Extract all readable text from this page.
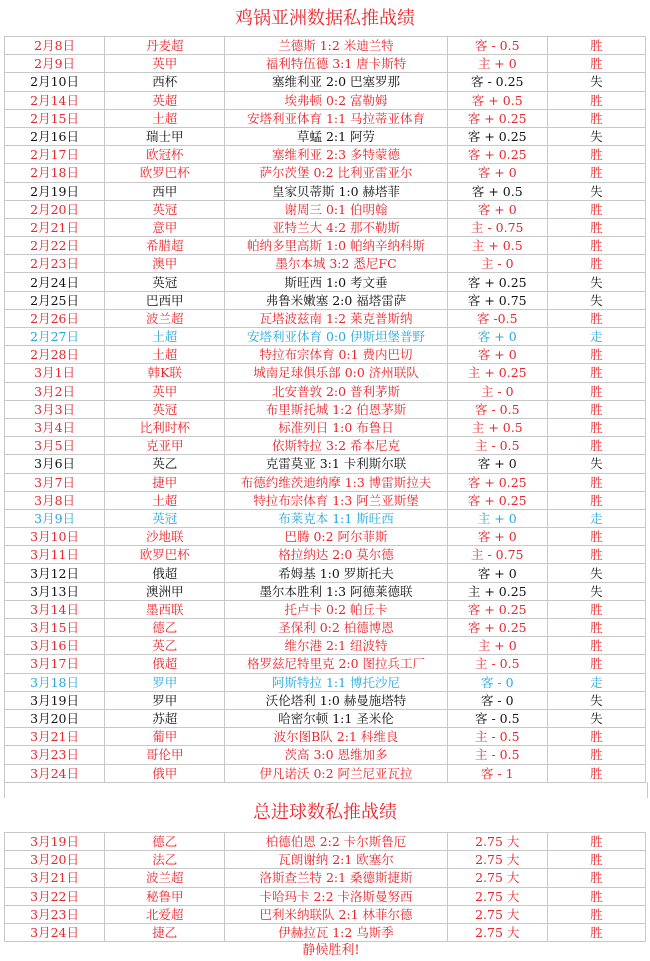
鸡锅亚洲数据私推战绩
2月8日	丹麦超	兰德斯 1:2 米迪兰特	客 - 0.5	胜
2月9日	英甲	福利特伍德 3:1 唐卡斯特	主 + 0	胜
2月10日	西杯	塞维利亚 2:0 巴塞罗那	客 - 0.25	失
2月14日	英超	埃弗顿 0:2 富勒姆	客 + 0.5	胜
2月15日	土超	安塔利亚体育 1:1 马拉蒂亚体育	客 + 0.25	胜
2月16日	瑞士甲	草蜢 2:1 阿劳	客 + 0.25	失
2月17日	欧冠杯	塞维利亚 2:3 多特蒙德	客 + 0.25	胜
2月18日	欧罗巴杯	萨尔茨堡 0:2 比利亚雷亚尔	客 + 0	胜
2月19日	西甲	皇家贝蒂斯 1:0 赫塔菲	客 + 0.5	失
2月20日	英冠	谢周三 0:1 伯明翰	客 + 0	胜
2月21日	意甲	亚特兰大 4:2 那不勒斯	主 - 0.75	胜
2月22日	希腊超	帕纳多里高斯 1:0 帕纳辛纳科斯	主 + 0.5	胜
2月23日	澳甲	墨尔本城 3:2 悉尼FC	主 - 0	胜
2月24日	英冠	斯旺西 1:0 考文垂	客 + 0.25	失
2月25日	巴西甲	弗鲁米嫩塞 2:0 福塔雷萨	客 + 0.75	失
2月26日	波兰超	瓦塔波兹南 1:2 莱克普斯纳	客 -0.5	胜
2月27日	土超	安塔利亚体育 0:0 伊斯坦堡普野	客 + 0	走
2月28日	土超	特拉布宗体育 0:1 费内巴切	客 + 0	胜
3月1日	韩K联	城南足球俱乐部 0:0 济州联队	主 + 0.25	胜
3月2日	英甲	北安普敦 2:0 普利茅斯	主 - 0	胜
3月3日	英冠	布里斯托城 1:2 伯恩茅斯	客 - 0.5	胜
3月4日	比利时杯	标准列日 1:0 布鲁日	主 + 0.5	胜
3月5日	克亚甲	依斯特拉 3:2 希本尼克	主 - 0.5	胜
3月6日	英乙	克雷莫亚 3:1 卡利斯尔联	客 + 0	失
3月7日	捷甲	布德约维茨迪纳摩 1:3 博雷斯拉夫	客 + 0.25	胜
3月8日	土超	特拉布宗体育 1:3 阿兰亚斯堡	客 + 0.25	胜
3月9日	英冠	布莱克本 1:1 斯旺西	主 + 0	走
3月10日	沙地联	巴腾 0:2 阿尔菲斯	客 + 0	胜
3月11日	欧罗巴杯	格拉纳达 2:0 莫尔德	主 - 0.75	胜
3月12日	俄超	希姆基 1:0 罗斯托夫	客 + 0	失
3月13日	澳洲甲	墨尔本胜利 1:3 阿德莱德联	主 + 0.25	失
3月14日	墨西联	托卢卡 0:2 帕丘卡	客 + 0.25	胜
3月15日	德乙	圣保利 0:2 柏德博恩	客 + 0.25	胜
3月16日	英乙	维尔港 2:1 纽波特	主 + 0	胜
3月17日	俄超	格罗兹尼特里克 2:0 图拉兵工厂	主 - 0.5	胜
3月18日	罗甲	阿斯特拉 1:1 博托沙尼	客 - 0	走
3月19日	罗甲	沃伦塔利 1:0 赫曼施塔特	客 - 0	失
3月20日	苏超	哈密尔顿 1:1 圣米伦	客 - 0.5	失
3月21日	葡甲	波尔图B队 2:1 科维良	主 - 0.5	胜
3月23日	哥伦甲	茨高 3:0 恩维加多	主 - 0.5	胜
3月24日	俄甲	伊凡诺沃 0:2 阿兰尼亚瓦拉	客 - 1	胜
总进球数私推战绩
3月19日	德乙	柏德伯恩 2:2 卡尔斯鲁厄	2.75 大	胜
3月20日	法乙	瓦朗谢纳 2:1 欧塞尔	2.75 大	胜
3月21日	波兰超	洛斯查兰特 2:1 桑德斯捷斯	2.75 大	胜
3月22日	秘鲁甲	卡哈玛卡 2:2 卡洛斯曼努西	2.75 大	胜
3月23日	北爱超	巴利米纳联队 2:1 林菲尔德	2.75 大	胜
3月24日	捷乙	伊赫拉瓦 1:2 乌斯季	2.75 大	胜
静候胜利!
